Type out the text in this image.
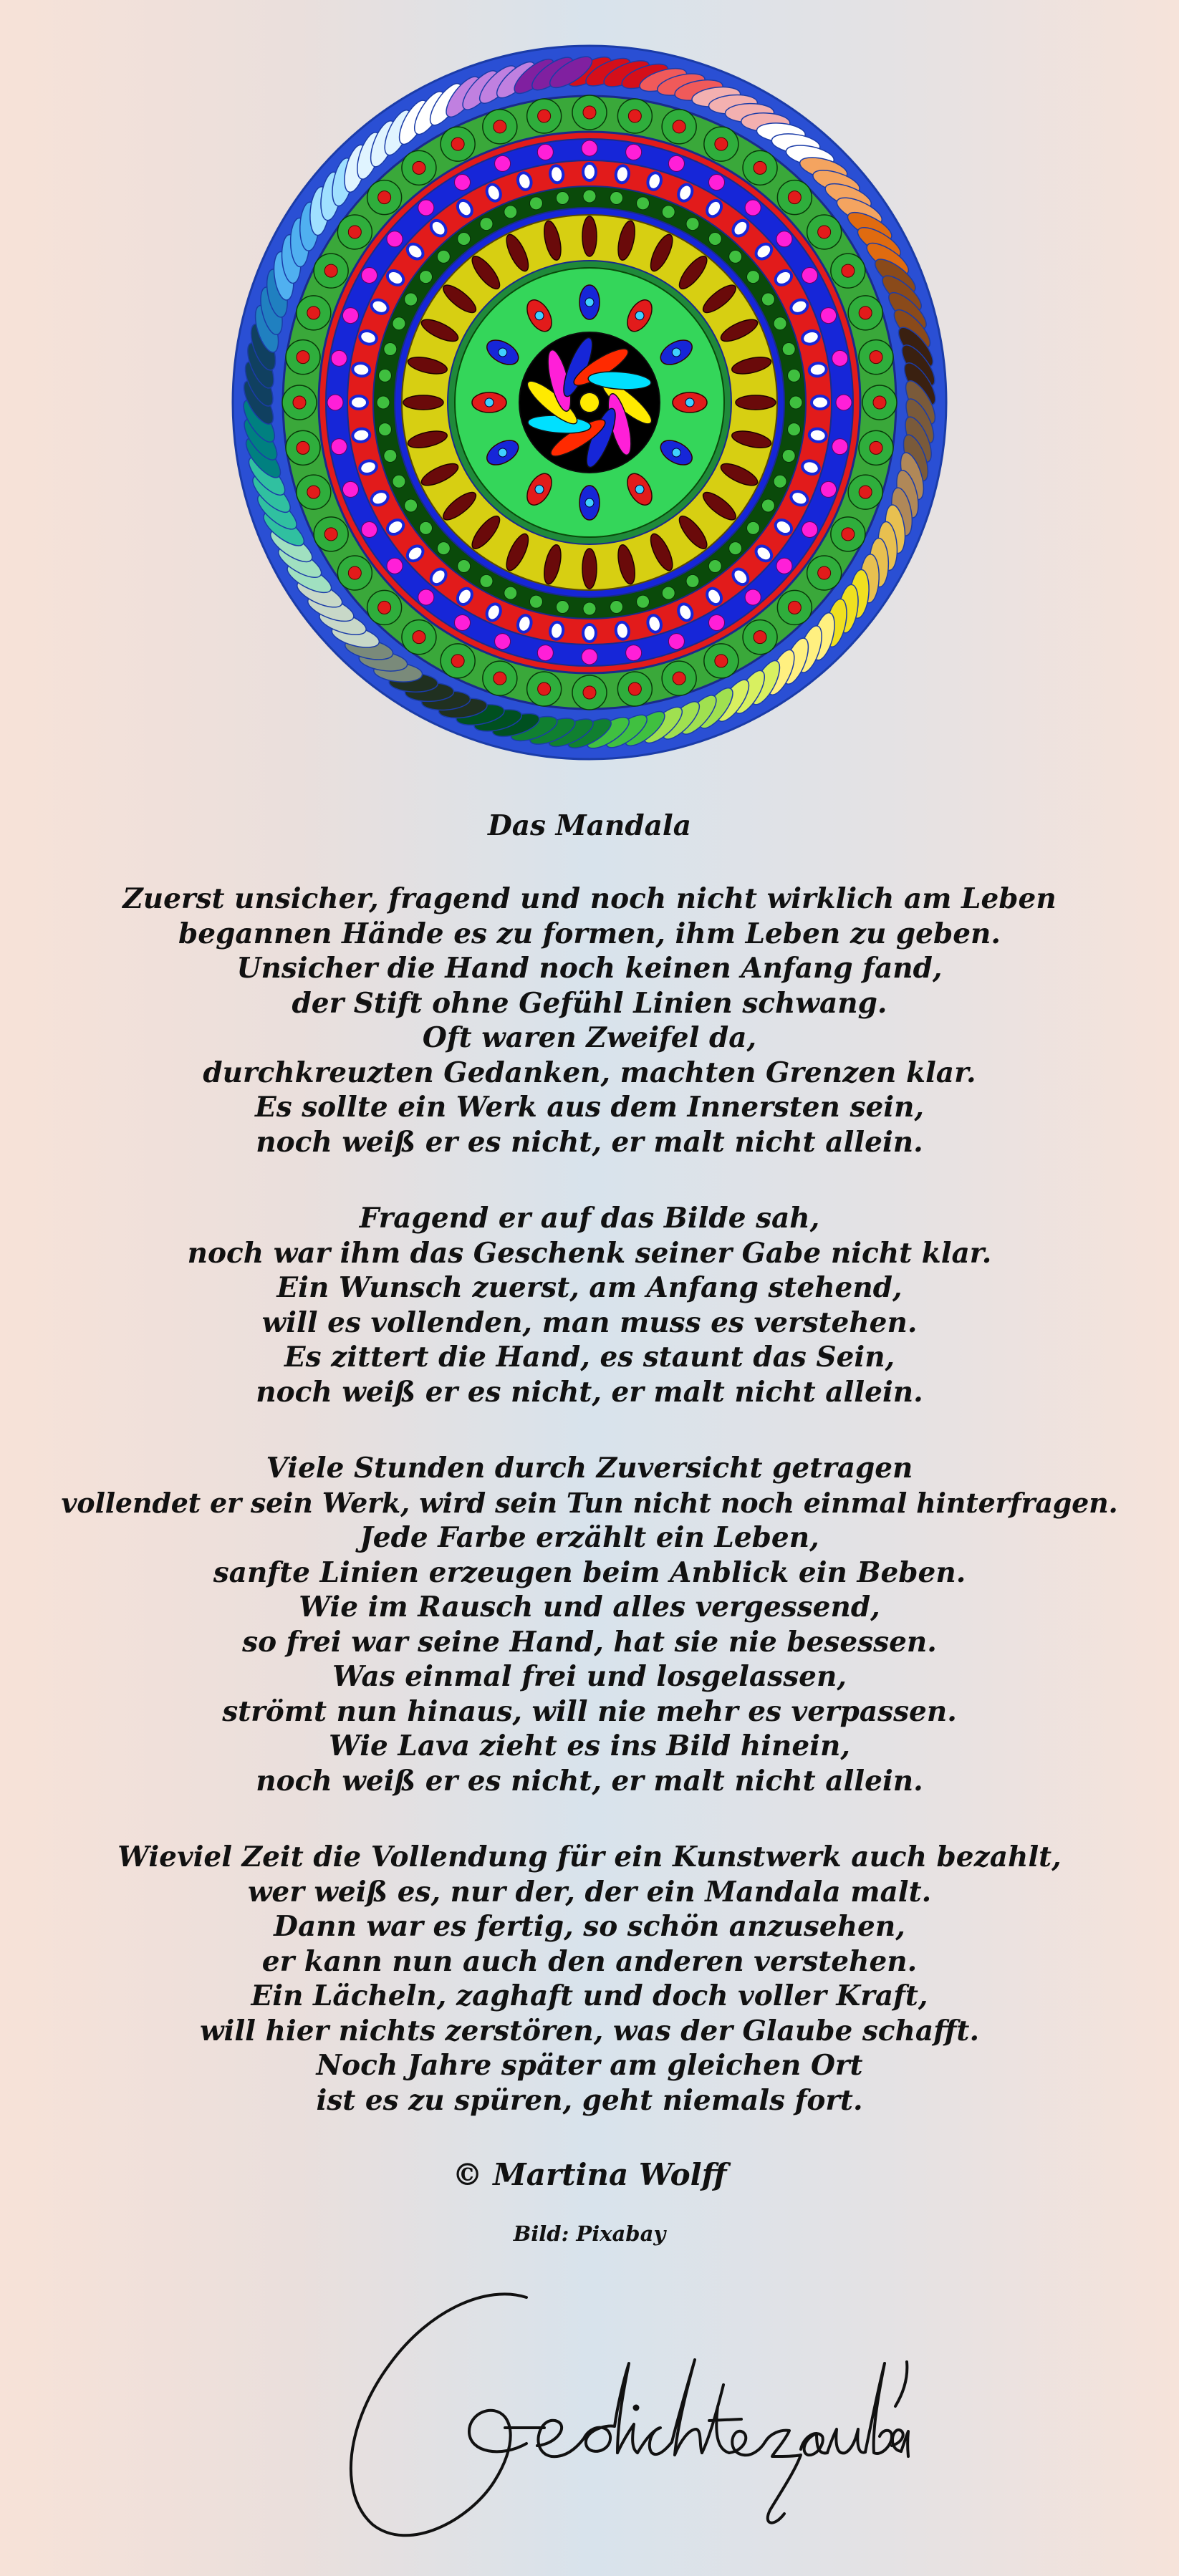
Das Mandala
Zuerst unsicher, fragend und noch nicht wirklich am Leben
begannen Hände es zu formen, ihm Leben zu geben.
Unsicher die Hand noch keinen Anfang fand,
der Stift ohne Gefühl Linien schwang.
Oft waren Zweifel da,
durchkreuzten Gedanken, machten Grenzen klar.
Es sollte ein Werk aus dem Innersten sein,
noch weiß er es nicht, er malt nicht allein.
Fragend er auf das Bilde sah,
noch war ihm das Geschenk seiner Gabe nicht klar.
Ein Wunsch zuerst, am Anfang stehend,
will es vollenden, man muss es verstehen.
Es zittert die Hand, es staunt das Sein,
noch weiß er es nicht, er malt nicht allein.
Viele Stunden durch Zuversicht getragen
vollendet er sein Werk, wird sein Tun nicht noch einmal hinterfragen.
Jede Farbe erzählt ein Leben,
sanfte Linien erzeugen beim Anblick ein Beben.
Wie im Rausch und alles vergessend,
so frei war seine Hand, hat sie nie besessen.
Was einmal frei und losgelassen,
strömt nun hinaus, will nie mehr es verpassen.
Wie Lava zieht es ins Bild hinein,
noch weiß er es nicht, er malt nicht allein.
Wieviel Zeit die Vollendung für ein Kunstwerk auch bezahlt,
wer weiß es, nur der, der ein Mandala malt.
Dann war es fertig, so schön anzusehen,
er kann nun auch den anderen verstehen.
Ein Lächeln, zaghaft und doch voller Kraft,
will hier nichts zerstören, was der Glaube schafft.
Noch Jahre später am gleichen Ort
ist es zu spüren, geht niemals fort.
© Martina Wolff
Bild: Pixabay
